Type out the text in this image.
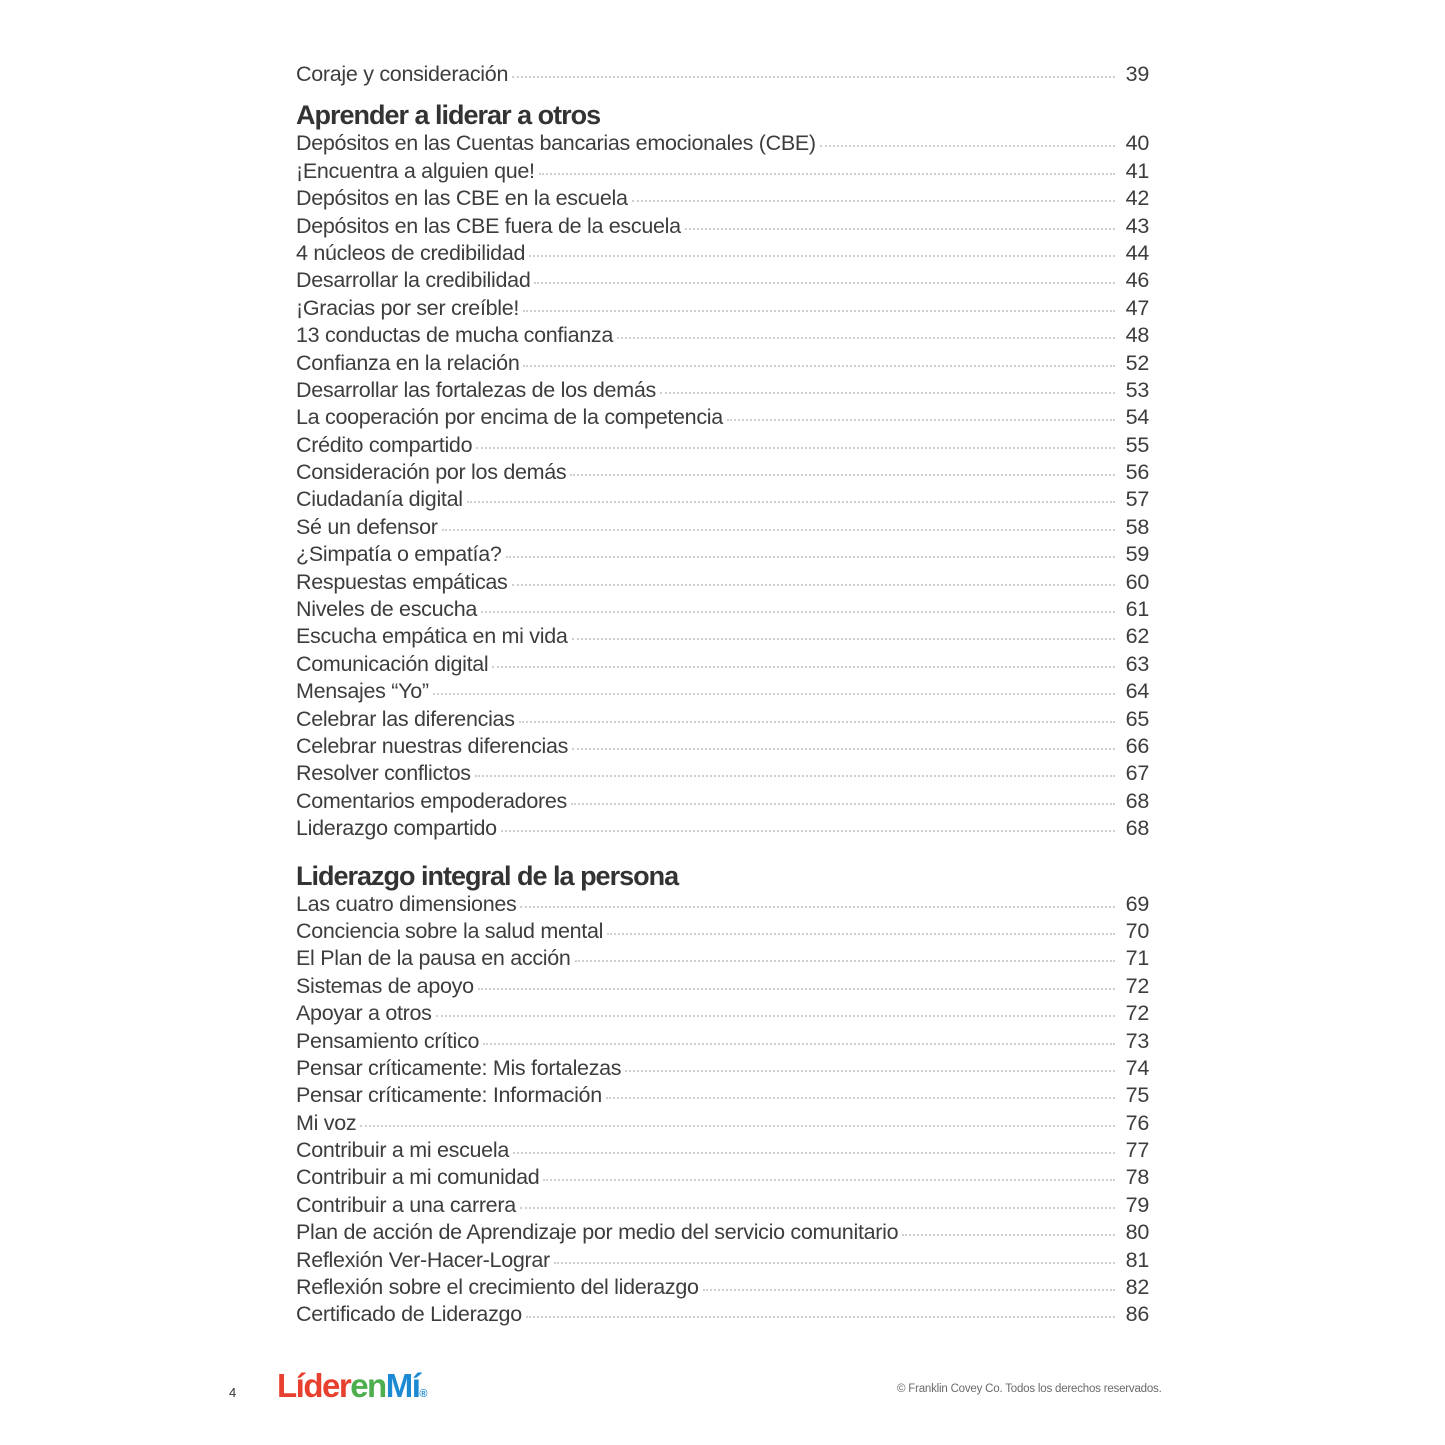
Coraje y consideración	39
Aprender a liderar a otros
Depósitos en las Cuentas bancarias emocionales (CBE)	40
¡Encuentra a alguien que!	41
Depósitos en las CBE en la escuela	42
Depósitos en las CBE fuera de la escuela	43
4 núcleos de credibilidad	44
Desarrollar la credibilidad	46
¡Gracias por ser creíble!	47
13 conductas de mucha confianza	48
Confianza en la relación	52
Desarrollar las fortalezas de los demás	53
La cooperación por encima de la competencia	54
Crédito compartido	55
Consideración por los demás	56
Ciudadanía digital	57
Sé un defensor	58
¿Simpatía o empatía?	59
Respuestas empáticas	60
Niveles de escucha	61
Escucha empática en mi vida	62
Comunicación digital	63
Mensajes “Yo”	64
Celebrar las diferencias	65
Celebrar nuestras diferencias	66
Resolver conflictos	67
Comentarios empoderadores	68
Liderazgo compartido	68
Liderazgo integral de la persona
Las cuatro dimensiones	69
Conciencia sobre la salud mental	70
El Plan de la pausa en acción	71
Sistemas de apoyo	72
Apoyar a otros	72
Pensamiento crítico	73
Pensar críticamente: Mis fortalezas	74
Pensar críticamente: Información	75
Mi voz	76
Contribuir a mi escuela	77
Contribuir a mi comunidad	78
Contribuir a una carrera	79
Plan de acción de Aprendizaje por medio del servicio comunitario	80
Reflexión Ver-Hacer-Lograr	81
Reflexión sobre el crecimiento del liderazgo	82
Certificado de Liderazgo	86
4 LíderenMí®	© Franklin Covey Co. Todos los derechos reservados.
